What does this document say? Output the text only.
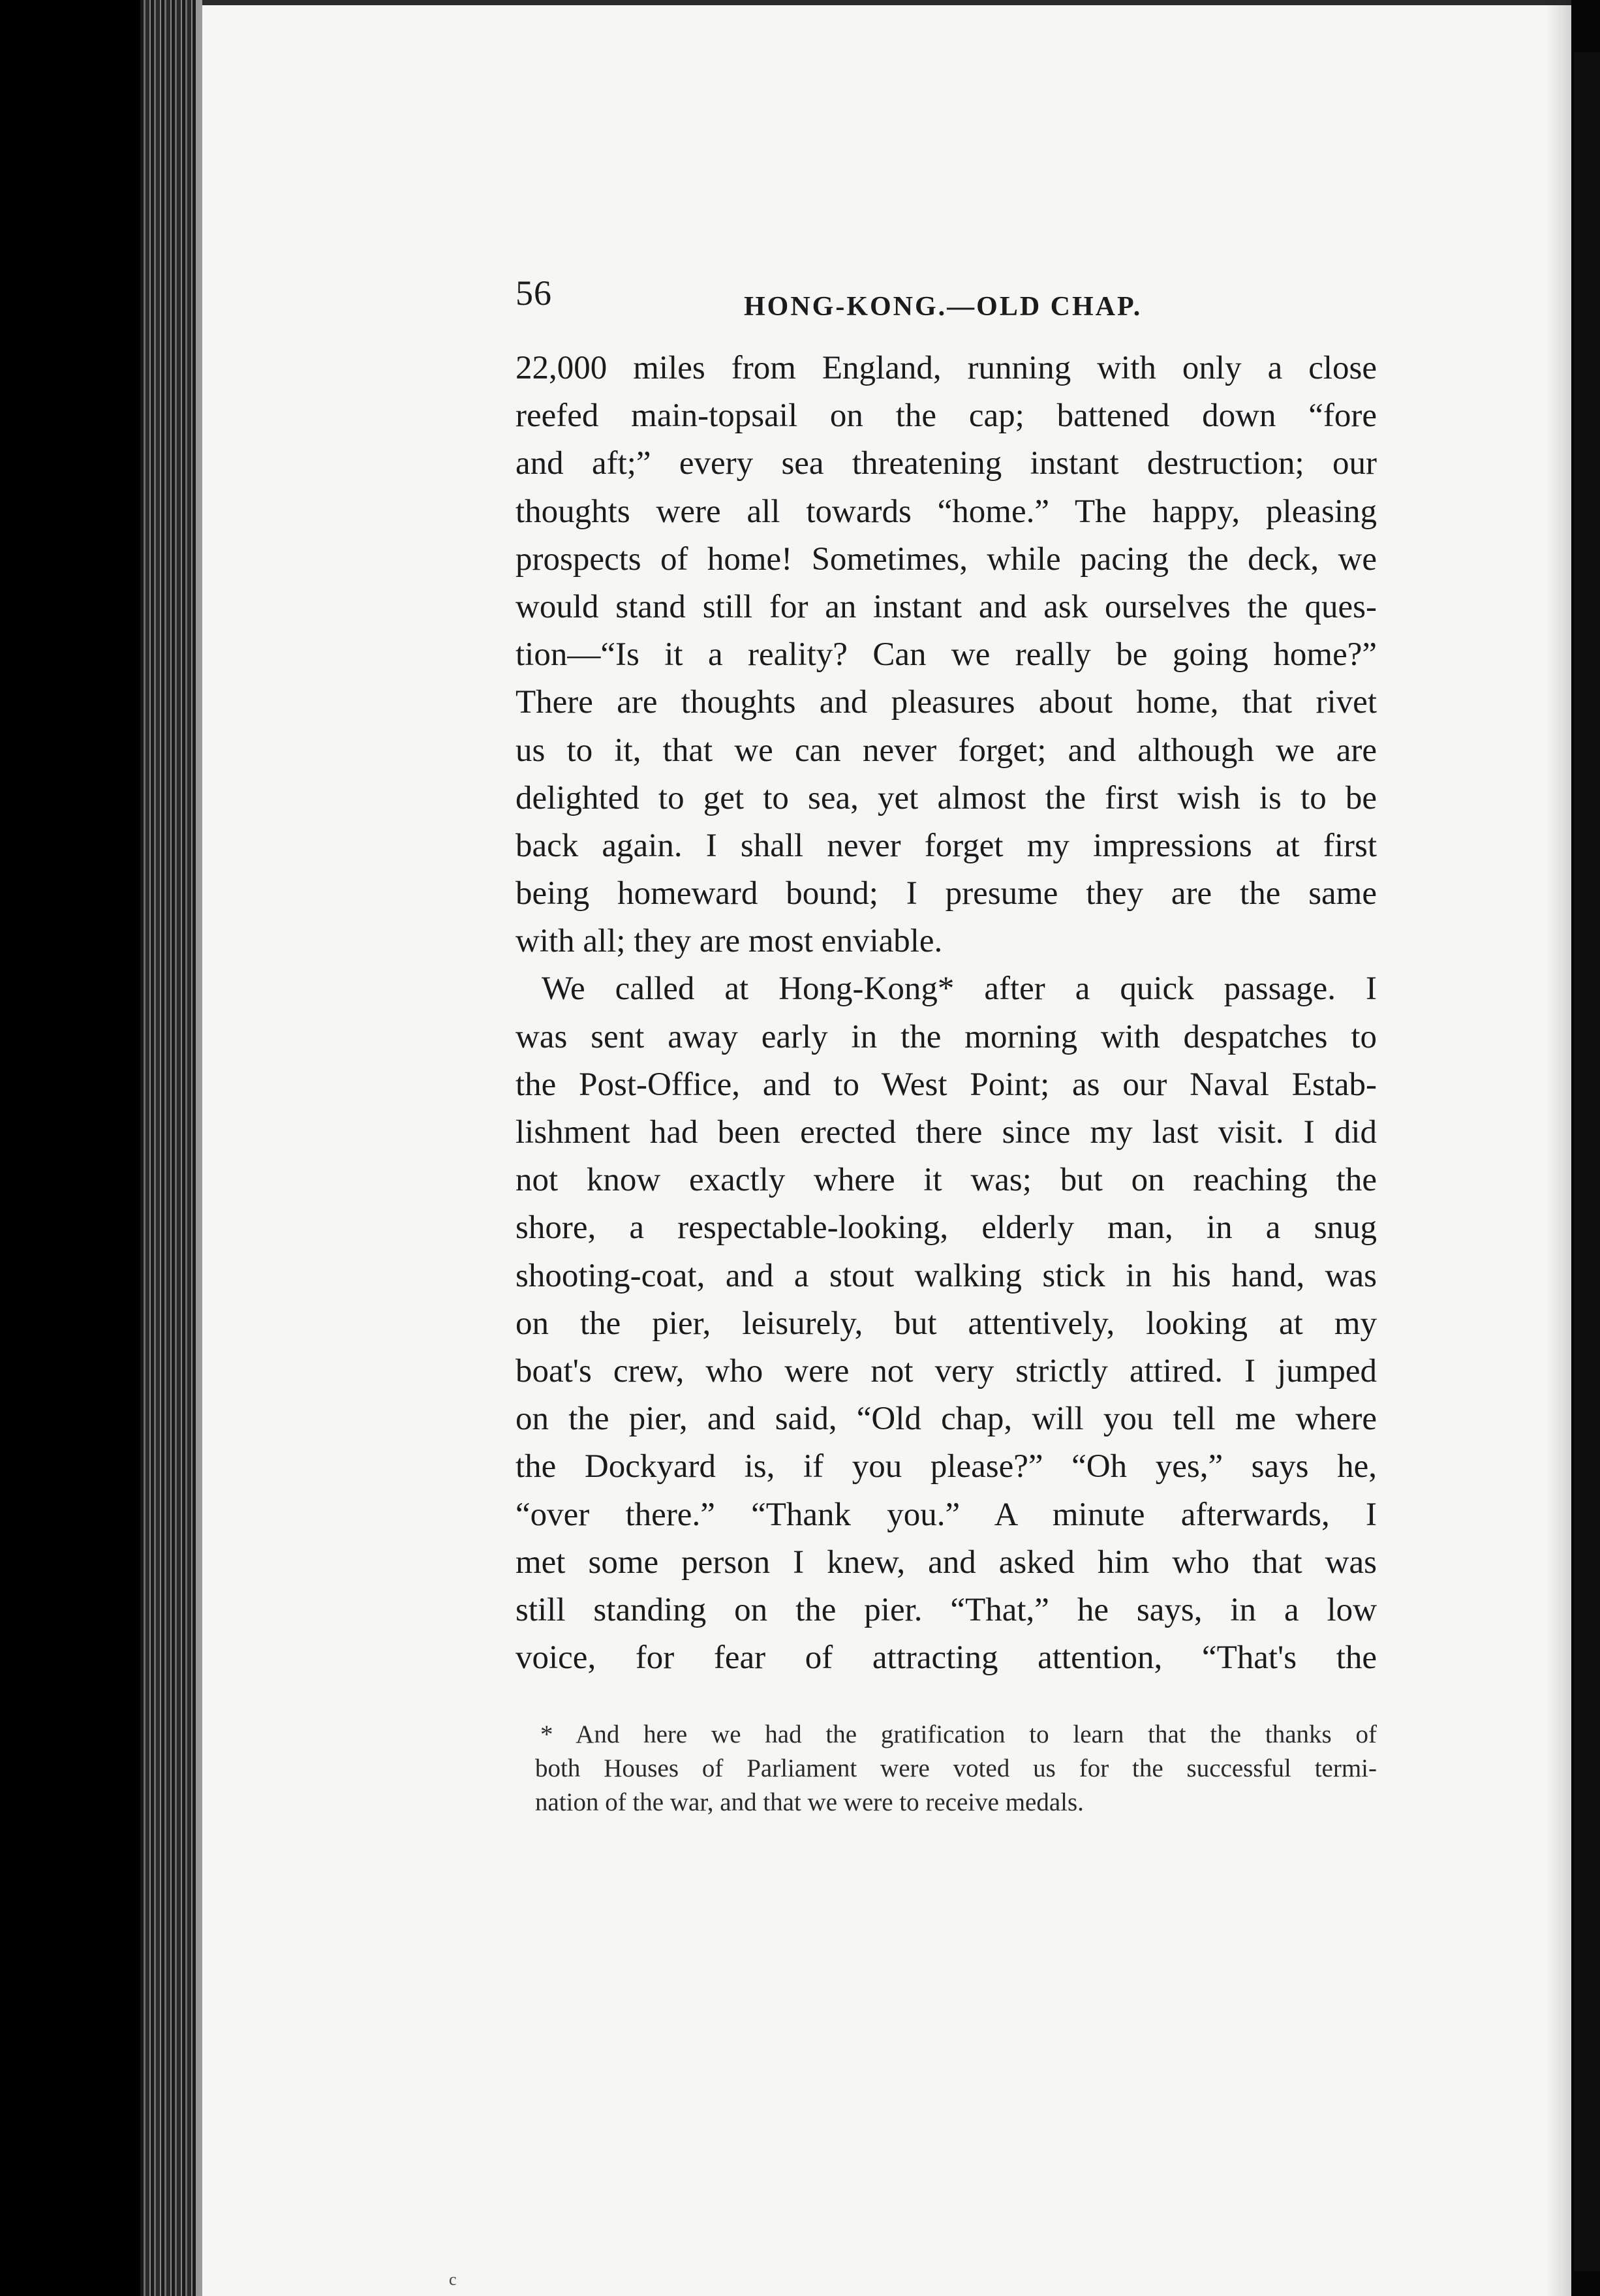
56	HONG-KONG.—OLD CHAP.
22,000 miles from England, running with only a close
reefed main-topsail on the cap; battened down “fore
and aft;” every sea threatening instant destruction; our
thoughts were all towards “home.” The happy, pleasing
prospects of home! Sometimes, while pacing the deck, we
would stand still for an instant and ask ourselves the ques-
tion—“Is it a reality? Can we really be going home?”
There are thoughts and pleasures about home, that rivet
us to it, that we can never forget; and although we are
delighted to get to sea, yet almost the first wish is to be
back again. I shall never forget my impressions at first
being homeward bound; I presume they are the same
with all; they are most enviable.
We called at Hong-Kong* after a quick passage. I
was sent away early in the morning with despatches to
the Post-Office, and to West Point; as our Naval Estab-
lishment had been erected there since my last visit. I did
not know exactly where it was; but on reaching the
shore, a respectable-looking, elderly man, in a snug
shooting-coat, and a stout walking stick in his hand, was
on the pier, leisurely, but attentively, looking at my
boat's crew, who were not very strictly attired. I jumped
on the pier, and said, “Old chap, will you tell me where
the Dockyard is, if you please?” “Oh yes,” says he,
“over there.” “Thank you.” A minute afterwards, I
met some person I knew, and asked him who that was
still standing on the pier. “That,” he says, in a low
voice, for fear of attracting attention, “That's the
* And here we had the gratification to learn that the thanks of
both Houses of Parliament were voted us for the successful termi-
nation of the war, and that we were to receive medals.
c
